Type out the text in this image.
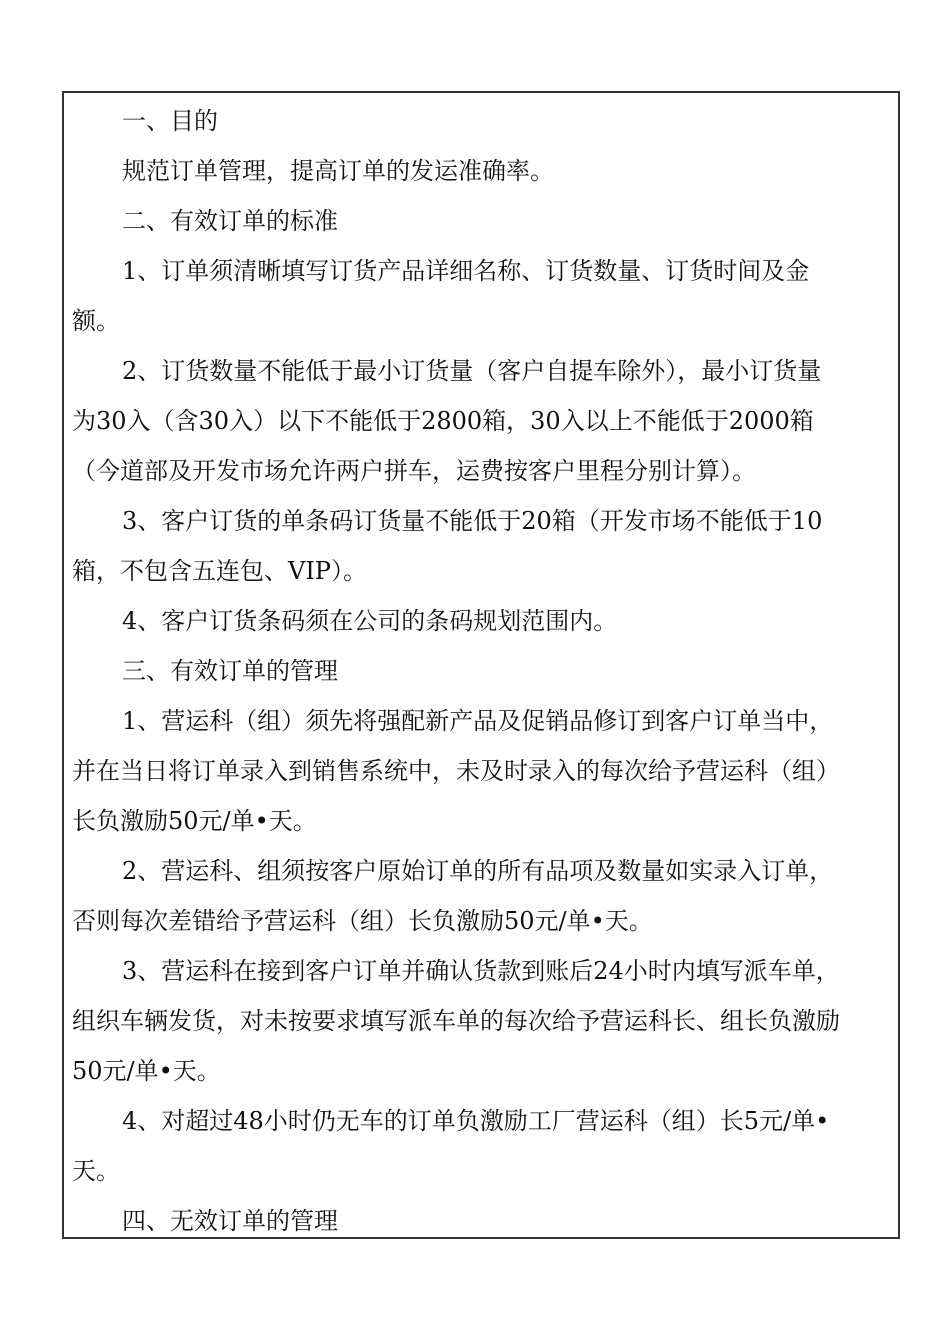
一、目的

规范订单管理，提高订单的发运准确率。

二、有效订单的标准

1、订单须清晰填写订货产品详细名称、订货数量、订货时间及金

额。

2、订货数量不能低于最小订货量（客户自提车除外），最小订货量

为30入（含30入）以下不能低于2800箱，30入以上不能低于2000箱

（今道部及开发市场允许两户拼车，运费按客户里程分别计算）。

3、客户订货的单条码订货量不能低于20箱（开发市场不能低于10

箱，不包含五连包、VIP）。

4、客户订货条码须在公司的条码规划范围内。

三、有效订单的管理

1、营运科（组）须先将强配新产品及促销品修订到客户订单当中，

并在当日将订单录入到销售系统中，未及时录入的每次给予营运科（组）

长负激励50元/单•天。

2、营运科、组须按客户原始订单的所有品项及数量如实录入订单，

否则每次差错给予营运科（组）长负激励50元/单•天。

3、营运科在接到客户订单并确认货款到账后24小时内填写派车单，

组织车辆发货，对未按要求填写派车单的每次给予营运科长、组长负激励

50元/单•天。

4、对超过48小时仍无车的订单负激励工厂营运科（组）长5元/单•

天。

四、无效订单的管理
